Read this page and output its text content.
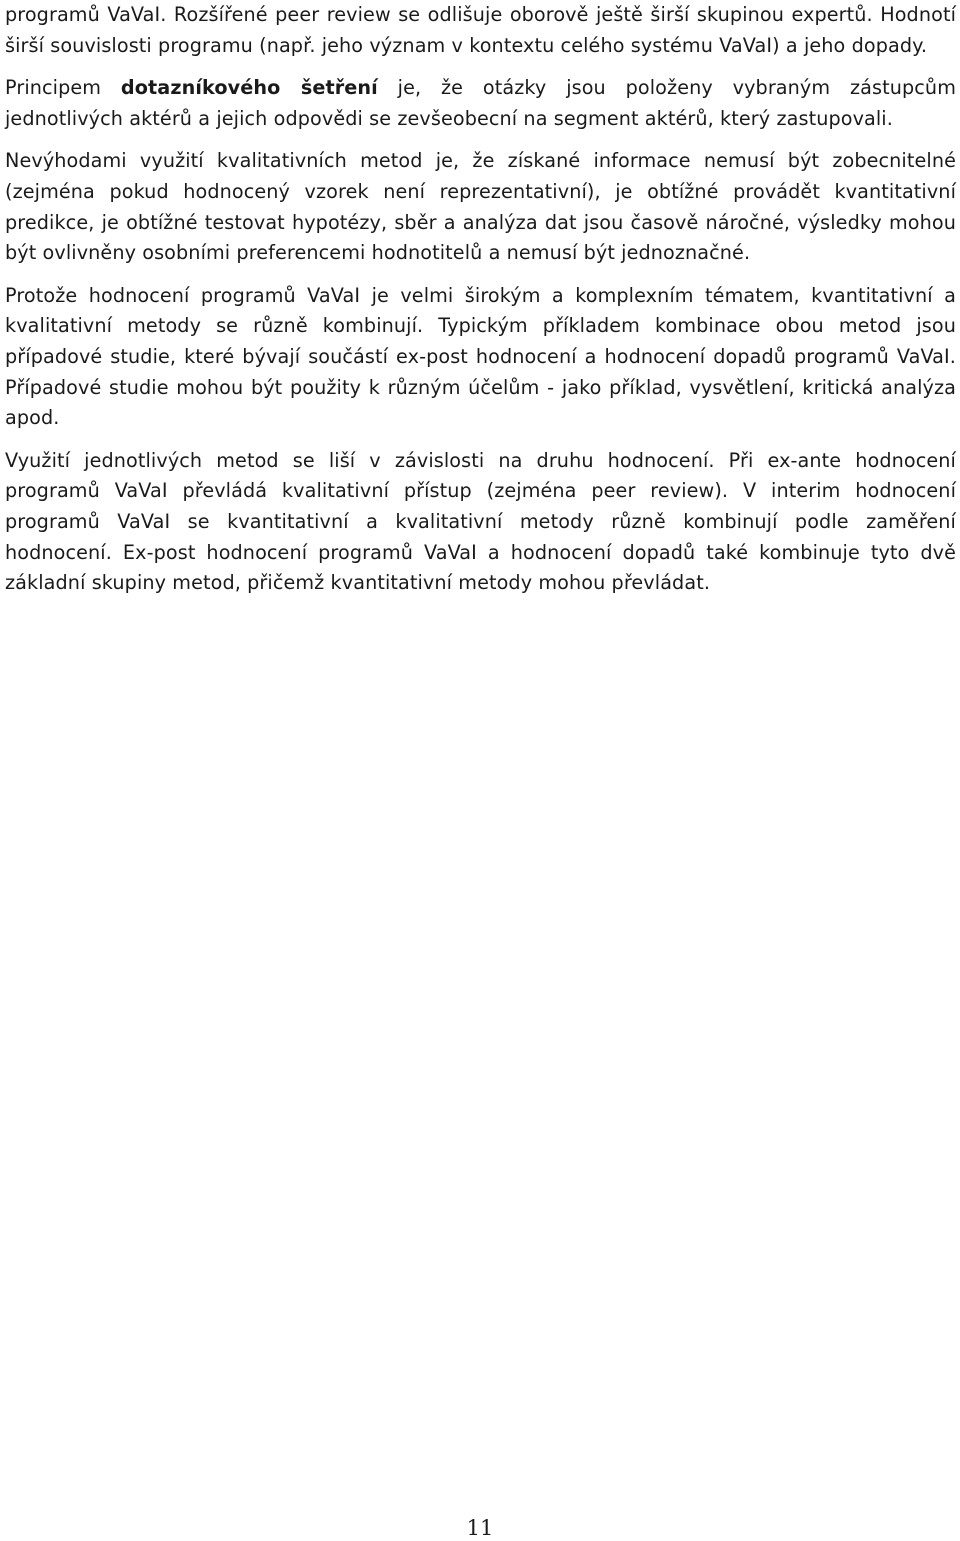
programů VaVaI. Rozšířené peer review se odlišuje oborově ještě širší skupinou expertů. Hodnotí širší souvislosti programu (např. jeho význam v kontextu celého systému VaVaI) a jeho dopady.

Principem dotazníkového šetření je, že otázky jsou položeny vybraným zástupcům jednotlivých aktérů a jejich odpovědi se zevšeobecní na segment aktérů, který zastupovali.

Nevýhodami využití kvalitativních metod je, že získané informace nemusí být zobecnitelné (zejména pokud hodnocený vzorek není reprezentativní), je obtížné provádět kvantitativní predikce, je obtížné testovat hypotézy, sběr a analýza dat jsou časově náročné, výsledky mohou být ovlivněny osobními preferencemi hodnotitelů a nemusí být jednoznačné.

Protože hodnocení programů VaVaI je velmi širokým a komplexním tématem, kvantitativní a kvalitativní metody se různě kombinují. Typickým příkladem kombinace obou metod jsou případové studie, které bývají součástí ex-post hodnocení a hodnocení dopadů programů VaVaI. Případové studie mohou být použity k různým účelům - jako příklad, vysvětlení, kritická analýza apod.

Využití jednotlivých metod se liší v závislosti na druhu hodnocení. Při ex-ante hodnocení programů VaVaI převládá kvalitativní přístup (zejména peer review). V interim hodnocení programů VaVaI se kvantitativní a kvalitativní metody různě kombinují podle zaměření hodnocení. Ex-post hodnocení programů VaVaI a hodnocení dopadů také kombinuje tyto dvě základní skupiny metod, přičemž kvantitativní metody mohou převládat.

11
